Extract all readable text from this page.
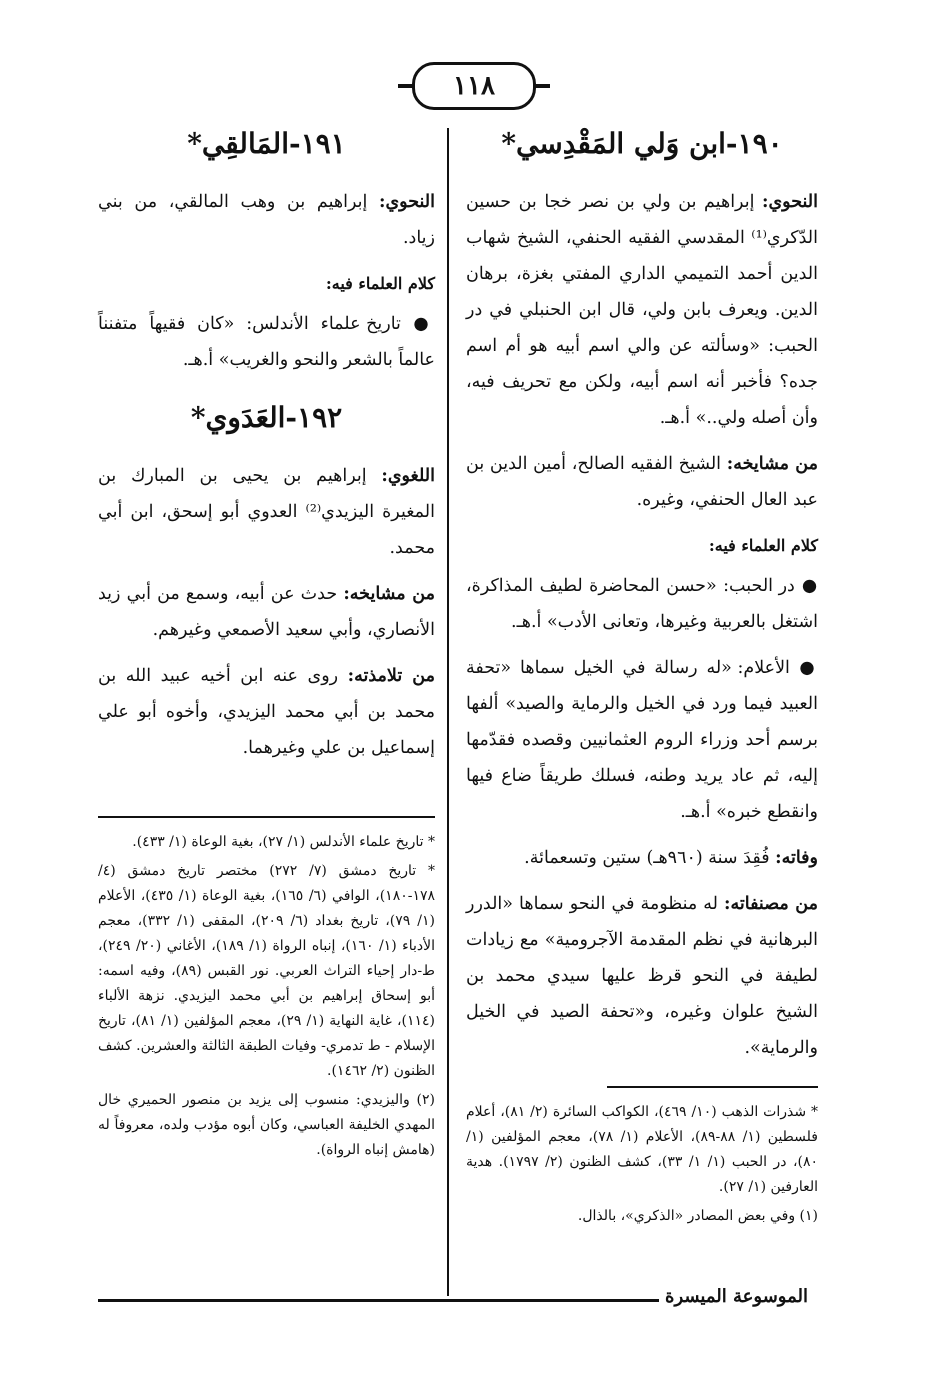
١١٨
١٩٠-ابن وَلي المَقْدِسي*
النحوي: إبراهيم بن ولي بن نصر خجا بن حسين الدّكري⁽¹⁾ المقدسي الفقيه الحنفي، الشيخ شهاب الدين أحمد التميمي الداري المفتي بغزة، برهان الدين. ويعرف بابن ولي، قال ابن الحنبلي في در الحبب: «وسألته عن والي اسم أبيه هو أم اسم جده؟ فأخبر أنه اسم أبيه، ولكن مع تحريف فيه، وأن أصله ولي..» أ.هـ.
من مشايخه: الشيخ الفقيه الصالح، أمين الدين بن عبد العال الحنفي، وغيره.
كلام العلماء فيه:
● در الحبب: «حسن المحاضرة لطيف المذاكرة، اشتغل بالعربية وغيرها، وتعانى الأدب» أ.هـ.
● الأعلام: «له رسالة في الخيل سماها «تحفة العبيد فيما ورد في الخيل والرماية والصيد» ألفها برسم أحد وزراء الروم العثمانيين وقصده فقدّمها إليه، ثم عاد يريد وطنه، فسلك طريقاً ضاع فيها وانقطع خبره» أ.هـ.
وفاته: فُقِدَ سنة (٩٦٠هـ) ستين وتسعمائة.
من مصنفاته: له منظومة في النحو سماها «الدرر البرهانية في نظم المقدمة الآجرومية» مع زيادات لطيفة في النحو قرظ عليها سيدي محمد بن الشيخ علوان وغيره، و«تحفة الصيد في الخيل والرماية».
* شذرات الذهب (١٠/ ٤٦٩)، الكواكب السائرة (٢/ ٨١)، أعلام فلسطين (١/ ٨٨-٨٩)، الأعلام (١/ ٧٨)، معجم المؤلفين (١/ ٨٠)، در الحبب (١/ ١/ ٣٣)، كشف الظنون (٢/ ١٧٩٧). هدية العارفين (١/ ٢٧).
(١) وفي بعض المصادر «الذكري»، بالذال.
١٩١-المَالقِي*
النحوي: إبراهيم بن وهب المالقي، من بني زياد.
كلام العلماء فيه:
● تاريخ علماء الأندلس: «كان فقيهاً متفنناً عالماً بالشعر والنحو والغريب» أ.هـ.
١٩٢-العَدَوي*
اللغوي: إبراهيم بن يحيى بن المبارك بن المغيرة اليزيدي⁽²⁾ العدوي أبو إسحق، ابن أبي محمد.
من مشايخه: حدث عن أبيه، وسمع من أبي زيد الأنصاري، وأبي سعيد الأصمعي وغيرهم.
من تلامذته: روى عنه ابن أخيه عبيد الله بن محمد بن أبي محمد اليزيدي، وأخوه أبو علي إسماعيل بن علي وغيرهما.
* تاريخ علماء الأندلس (١/ ٢٧)، بغية الوعاة (١/ ٤٣٣).
* تاريخ دمشق (٧/ ٢٧٢) مختصر تاريخ دمشق (٤/ ١٧٨-١٨٠)، الوافي (٦/ ١٦٥)، بغية الوعاة (١/ ٤٣٥)، الأعلام (١/ ٧٩)، تاريخ بغداد (٦/ ٢٠٩)، المقفى (١/ ٣٣٢)، معجم الأدباء (١/ ١٦٠)، إنباه الرواة (١/ ١٨٩)، الأغاني (٢٠/ ٢٤٩)، ط-دار إحياء التراث العربي. نور القبس (٨٩)، وفيه اسمه: أبو إسحاق إبراهيم بن أبي محمد اليزيدي. نزهة الألباء (١١٤)، غاية النهاية (١/ ٢٩)، معجم المؤلفين (١/ ٨١)، تاريخ الإسلام - ط تدمري- وفيات الطبقة الثالثة والعشرين. كشف الظنون (٢/ ١٤٦٢).
(٢) واليزيدي: منسوب إلى يزيد بن منصور الحميري خال المهدي الخليفة العباسي، وكان أبوه مؤدب ولده، معروفاً له (هامش إنباه الرواة).
الموسوعة الميسرة
